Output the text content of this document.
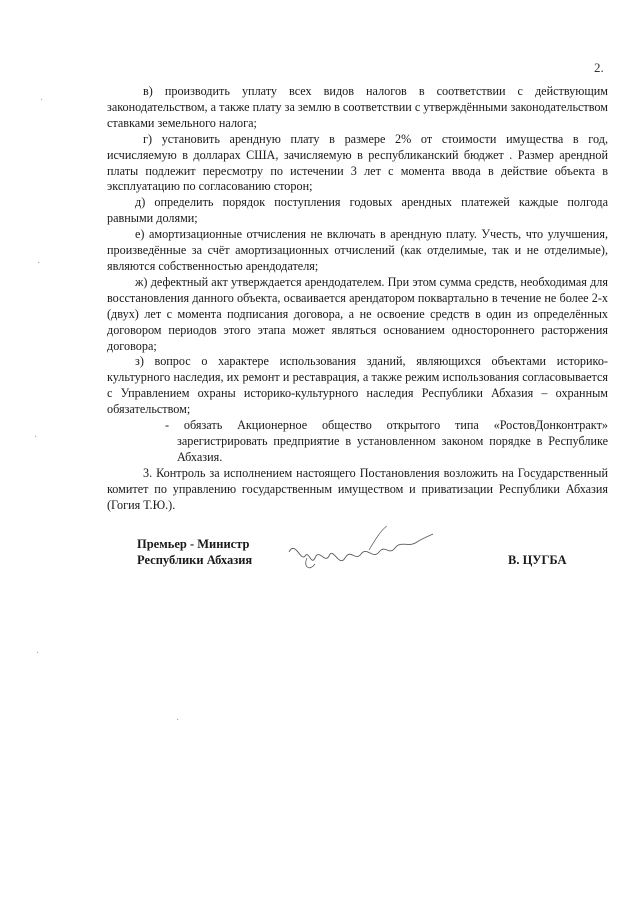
2.

в) производить уплату всех видов налогов в соответствии с действующим законодательством, а также плату за землю в соответствии с утверждёнными законодательством ставками земельного налога;

г) установить арендную плату в размере 2% от стоимости имущества в год, исчисляемую в долларах США, зачисляемую в республиканский бюджет . Размер арендной платы подлежит пересмотру по истечении 3 лет с момента ввода в действие объекта в эксплуатацию по согласованию сторон;

д) определить порядок поступления годовых арендных платежей каждые полгода равными долями;

е) амортизационные отчисления не включать в арендную плату. Учесть, что улучшения, произведённые за счёт амортизационных отчислений (как отделимые, так и не отделимые), являются собственностью арендодателя;

ж) дефектный акт утверждается арендодателем. При этом сумма средств, необходимая для восстановления данного объекта, осваивается арендатором поквартально в течение не более 2-х (двух) лет с момента подписания договора, а не освоение средств в один из определённых договором периодов этого этапа может являться основанием одностороннего расторжения договора;

з) вопрос о характере использования зданий, являющихся объектами историко-культурного наследия, их ремонт и реставрация, а также режим использования согласовывается с Управлением охраны историко-культурного наследия Республики Абхазия – охранным обязательством;

- обязать Акционерное общество открытого типа «РостовДонконтракт» зарегистрировать предприятие в установленном законом порядке в Республике Абхазия.

3. Контроль за исполнением настоящего Постановления возложить на Государственный комитет по управлению государственным имуществом и приватизации Республики Абхазия (Гогия Т.Ю.).

Премьер - Министр
Республики Абхазия	В. ЦУГБА
·
·
·
·
·
